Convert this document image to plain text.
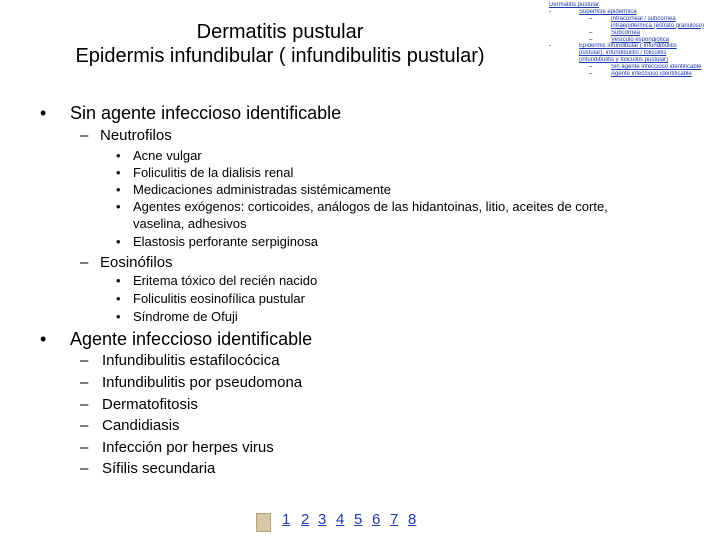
Dermatitis pustular
Epidermis infundibular ( infundibulitis pustular)
Dermatitis pustular
-	Superficie epidermica
–	Intracorneal / subcórnea
intraepidérmica (estrato granuloso)
–	Subcórnea
–	Vesículo espongiótica
-	Epidermis infundibular ( infundibulitis
pustular), infundibulitis / foliculitis
(infundibulitis y foliculitis pustular)
–	Sin agente infeccioso identificable
–	Agente infeccioso identificable
• Sin agente infeccioso identificable
– Neutrofilos
• Acne vulgar
• Foliculitis de la dialisis renal
• Medicaciones administradas sistémicamente
• Agentes exógenos: corticoides, análogos de las hidantoinas, litio, aceites de corte,
vaselina, adhesivos
• Elastosis perforante serpiginosa
– Eosinófilos
• Eritema tóxico del recién nacido
• Foliculitis eosinofílica pustular
• Síndrome de Ofuji
• Agente infeccioso identificable
– Infundibulitis estafilocócica
– Infundibulitis por pseudomona
– Dermatofitosis
– Candidiasis
– Infección por herpes virus
– Sífilis secundaria
1 2 3 4 5 6 7 8
